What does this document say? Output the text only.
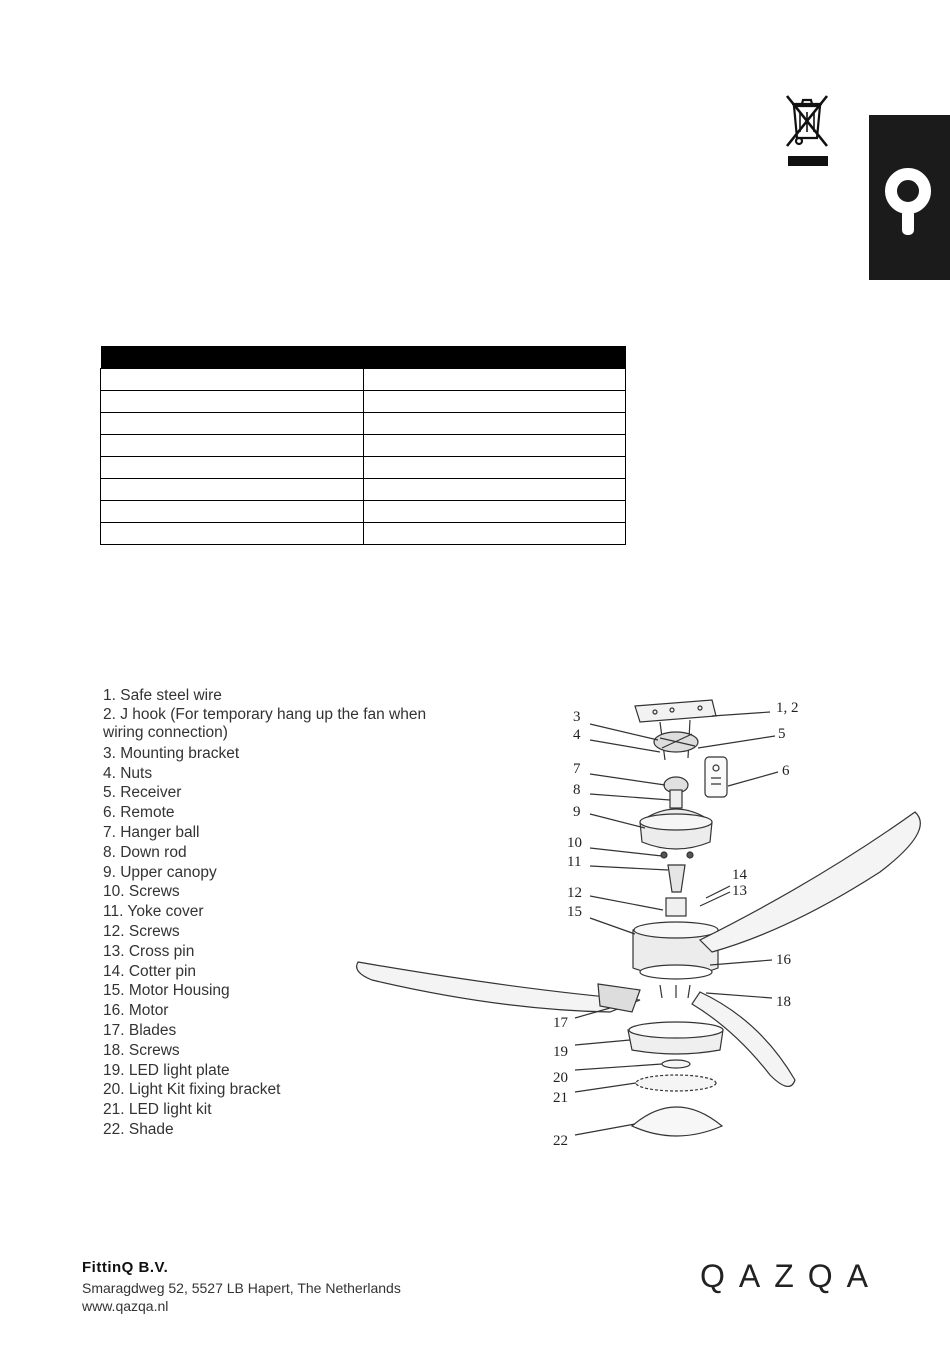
1. Safe steel wire
2. J hook (For temporary hang up the fan when wiring connection)
3. Mounting bracket
4. Nuts
5. Receiver
6. Remote
7. Hanger ball
8. Down rod
9. Upper canopy
10. Screws
11. Yoke cover
12. Screws
13. Cross pin
14. Cotter pin
15. Motor Housing
16. Motor
17. Blades
18. Screws
19. LED light plate
20. Light Kit fixing bracket
21. LED light kit
22. Shade
1, 2
3
4	5
6
7
8
9
10
11
12	13
14
15
16
17
18
19
20
21
22
FittinQ B.V.
Smaragdweg 52, 5527 LB Hapert, The Netherlands
www.qazqa.nl
QAZQA
